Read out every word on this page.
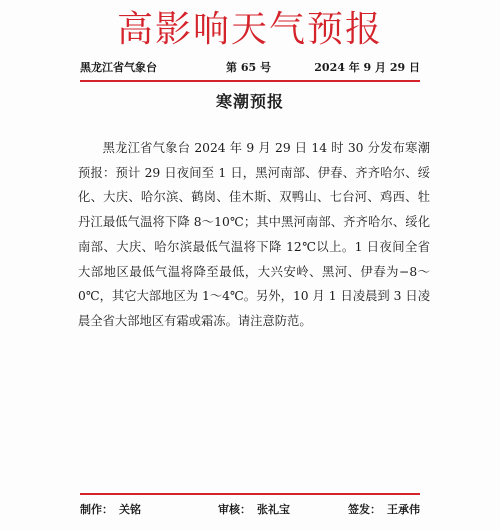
高影响天气预报
黑龙江省气象台	第 65 号	2024 年 9 月 29 日
寒潮预报
黑龙江省气象台 2024 年 9 月 29 日 14 时 30 分发布寒潮预报：预计 29 日夜间至 1 日，黑河南部、伊春、齐齐哈尔、绥化、大庆、哈尔滨、鹤岗、佳木斯、双鸭山、七台河、鸡西、牡丹江最低气温将下降 8～10℃；其中黑河南部、齐齐哈尔、绥化南部、大庆、哈尔滨最低气温将下降 12℃以上。1 日夜间全省大部地区最低气温将降至最低，大兴安岭、黑河、伊春为−8～0℃，其它大部地区为 1～4℃。另外，10 月 1 日凌晨到 3 日凌晨全省大部地区有霜或霜冻。请注意防范。
制作： 关铭	审核： 张礼宝	签发： 王承伟
